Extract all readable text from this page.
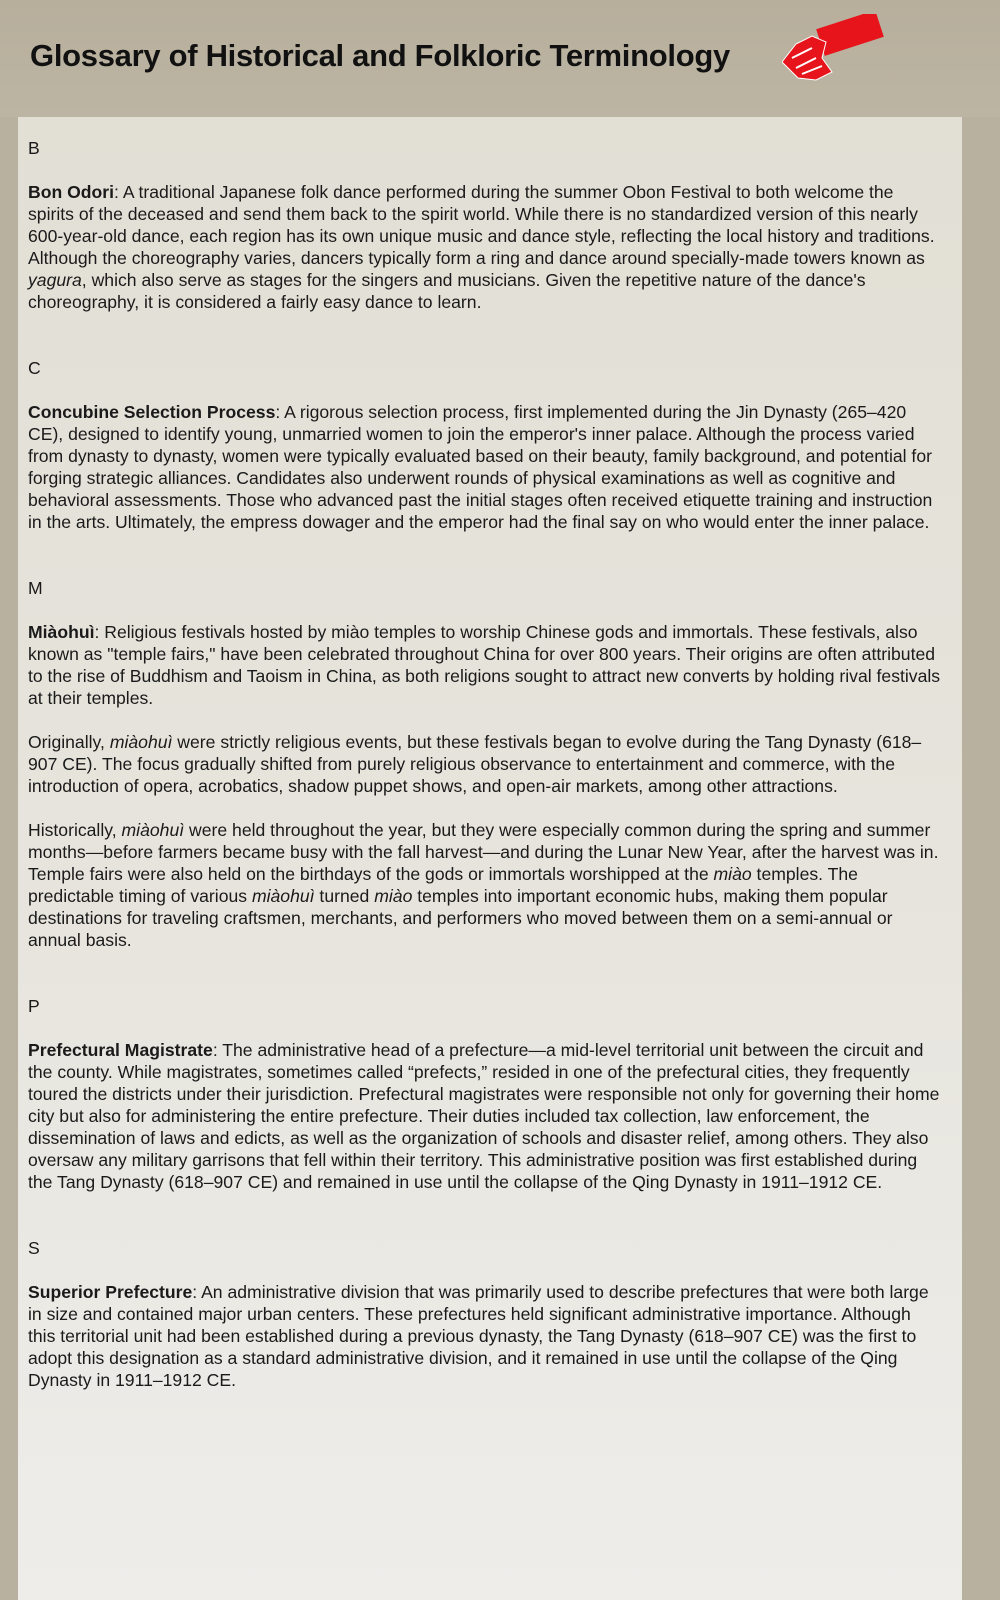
Glossary of Historical and Folkloric Terminology
B
Bon Odori: A traditional Japanese folk dance performed during the summer Obon Festival to both welcome the spirits of the deceased and send them back to the spirit world. While there is no standardized version of this nearly 600-year-old dance, each region has its own unique music and dance style, reflecting the local history and traditions. Although the choreography varies, dancers typically form a ring and dance around specially-made towers known as yagura, which also serve as stages for the singers and musicians. Given the repetitive nature of the dance's choreography, it is considered a fairly easy dance to learn.
C
Concubine Selection Process: A rigorous selection process, first implemented during the Jin Dynasty (265–420 CE), designed to identify young, unmarried women to join the emperor's inner palace. Although the process varied from dynasty to dynasty, women were typically evaluated based on their beauty, family background, and potential for forging strategic alliances. Candidates also underwent rounds of physical examinations as well as cognitive and behavioral assessments. Those who advanced past the initial stages often received etiquette training and instruction in the arts. Ultimately, the empress dowager and the emperor had the final say on who would enter the inner palace.
M
Miàohuì: Religious festivals hosted by miào temples to worship Chinese gods and immortals. These festivals, also known as "temple fairs," have been celebrated throughout China for over 800 years. Their origins are often attributed to the rise of Buddhism and Taoism in China, as both religions sought to attract new converts by holding rival festivals at their temples.
Originally, miàohuì were strictly religious events, but these festivals began to evolve during the Tang Dynasty (618–907 CE). The focus gradually shifted from purely religious observance to entertainment and commerce, with the introduction of opera, acrobatics, shadow puppet shows, and open-air markets, among other attractions.
Historically, miàohuì were held throughout the year, but they were especially common during the spring and summer months—before farmers became busy with the fall harvest—and during the Lunar New Year, after the harvest was in. Temple fairs were also held on the birthdays of the gods or immortals worshipped at the miào temples. The predictable timing of various miàohuì turned miào temples into important economic hubs, making them popular destinations for traveling craftsmen, merchants, and performers who moved between them on a semi-annual or annual basis.
P
Prefectural Magistrate: The administrative head of a prefecture—a mid-level territorial unit between the circuit and the county. While magistrates, sometimes called “prefects,” resided in one of the prefectural cities, they frequently toured the districts under their jurisdiction. Prefectural magistrates were responsible not only for governing their home city but also for administering the entire prefecture. Their duties included tax collection, law enforcement, the dissemination of laws and edicts, as well as the organization of schools and disaster relief, among others. They also oversaw any military garrisons that fell within their territory. This administrative position was first established during the Tang Dynasty (618–907 CE) and remained in use until the collapse of the Qing Dynasty in 1911–1912 CE.
S
Superior Prefecture: An administrative division that was primarily used to describe prefectures that were both large in size and contained major urban centers. These prefectures held significant administrative importance. Although this territorial unit had been established during a previous dynasty, the Tang Dynasty (618–907 CE) was the first to adopt this designation as a standard administrative division, and it remained in use until the collapse of the Qing Dynasty in 1911–1912 CE.
